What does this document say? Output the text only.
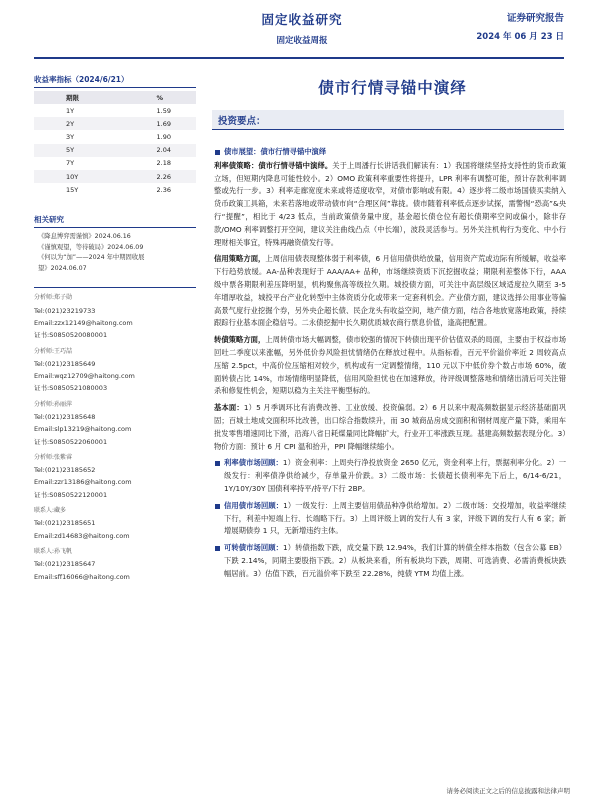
固定收益研究
固定收益周报
证券研究报告
2024 年 06 月 23 日
收益率指标（2024/6/21）
期限	%
1Y	1.59
2Y	1.69
3Y	1.90
5Y	2.04
7Y	2.18
10Y	2.26
15Y	2.36
相关研究
《降息博弈需谨慎》2024.06.16
《谨慎观望，等待破局》2024.06.09
《何以为“加”——2024 年中期固收展
望》2024.06.07
分析师:郑子勋
Tel:(021)23219733
Email:zzx12149@haitong.com
证书:S0850520080001
分析师:王巧喆
Tel:(021)23185649
Email:wqz12709@haitong.com
证书:S0850521080003
分析师:孙丽萍
Tel:(021)23185648
Email:slp13219@haitong.com
证书:S0850522060001
分析师:张紫睿
Tel:(021)23185652
Email:zzr13186@haitong.com
证书:S0850522120001
联系人:藏多
Tel:(021)23185651
Email:zd14683@haitong.com
联系人:孙飞帆
Tel:(021)23185647
Email:sff16066@haitong.com
债市行情寻锚中演绎
投资要点：
债市展望：债市行情寻锚中演绎
利率债策略：债市行情寻锚中演绎。关于上周潘行长讲话我们解读有：1）我国将继续坚持支持性的货币政策立场，但短期内降息可能性较小。2）OMO 政策利率重要性将提升，LPR 利率有调整可能，预计存款利率调整或先行一步。3）利率走廊宽度未来或将适度收窄，对债市影响或有限。4）逐步将二级市场国债买卖纳入货币政策工具箱，未来若落地或带动债市向“合理区间”靠拢。债市随着利率低点逐步试探，需警惕“恐高”&央行“提醒”，相比于 4/23 低点，当前政策债务量中度，基金超长债仓位有超长债期率空间或偏小，除非存款/OMO 利率调整打开空间，建议关注曲线凸点（中长端），波段灵活参与。另外关注机构行为变化、中小行理财相关事宜，特殊再融资债发行等。
信用策略方面，上周信用债表现整体弱于利率债，6 月信用债供给放量，信用资产荒或边际有所缓解，收益率下行趋势放缓。AA-品种表现好于 AAA/AA+ 品种，市场继续资质下沉挖掘收益；期限利差整体下行，AAA 级中票各期限利差压降明显，机构聚焦高等级拉久期。城投债方面，可关注中高层级区域适度拉久期至 3-5 年增厚收益，城投平台产业化转型中主体资质分化或带来一定套利机会。产业债方面，建议选择公用事业等偏高景气度行业挖掘个券，另外央企超长债、民企龙头有收益空间，地产债方面，结合各地放宽落地政策，持续跟踪行业基本面企稳信号。二永债挖掘中长久期优质城农商行票息价值，逢高把配置。
转债策略方面，上周转债市场大幅调整，债市较强的情况下转债出现平价估值双杀的局面，主要由于权益市场回吐二季度以来涨幅，另外低价券风险担忧情绪仍在释放过程中。从指标看，百元平价溢价率近 2 周较高点压缩 2.5pct，中高价位压缩相对较少，机构或有一定调整情绪，110 元以下中低价券个数占市场 60%，破面转债占比 14%，市场情绪明显降低，信用风险担忧也在加速释放，待评级调整落地和情绪出清后可关注错杀和修复性机会，短期以稳为主关注平衡型标的。
基本面：1）5 月季调环比有消费改善、工业放缓、投资偏弱。2）6 月以来中观高频数据显示经济基础面巩固；百城土地成交面积环比改善，出口综合指数续升，而 30 城商品房成交面积和钢材周度产量下降，乘用车批发零售增速同比下滑，沿海八省日耗煤量同比降幅扩大，行业开工率涨跌互现。基建高频数据表现分化。3）物价方面：预计 6 月 CPI 温和抬升，PPI 降幅继续缩小。
利率债市场回顾：1）资金利率：上周央行净投放资金 2650 亿元，资金利率上行，票据利率分化。2）一级发行：利率债净供给减少，存单量升价跌。3）二级市场：长债超长债利率先下后上，6/14-6/21，1Y/10Y/30Y 国债利率持平/持平/下行 2BP。
信用债市场回顾：1）一级发行：上周主要信用债品种净供给增加。2）二级市场：交投增加，收益率继续下行，利差中短端上行、长端略下行。3）上周评级上调的发行人有 3 家，评级下调的发行人有 6 家；新增展期债券 1 只，无新增违约主体。
可转债市场回顾：1）转债指数下跌，成交量下跌 12.94%，我们计算的转债全样本指数（包含公募 EB）下跌 2.14%，同期主要股指下跌。2）从板块来看，所有板块均下跌，周期、可选消费、必需消费板块跌幅居前。3）估值下跌，百元溢价率下跌至 22.28%，纯债 YTM 均值上涨。
请务必阅读正文之后的信息披露和法律声明
